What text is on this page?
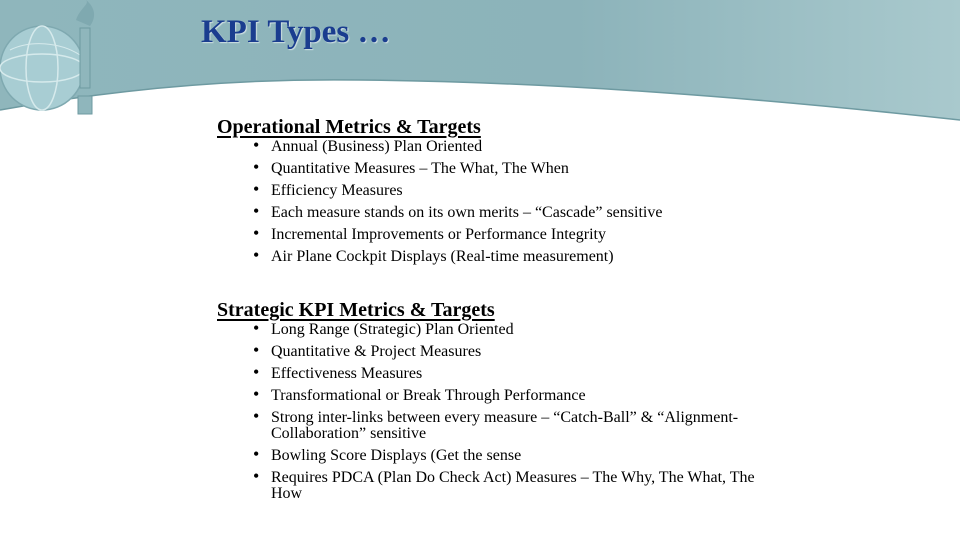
KPI Types …
Operational Metrics & Targets
• Annual (Business) Plan Oriented
• Quantitative Measures – The What, The When
• Efficiency Measures
• Each measure stands on its own merits – “Cascade” sensitive
• Incremental Improvements or Performance Integrity
• Air Plane Cockpit Displays (Real-time measurement)
Strategic KPI Metrics & Targets
• Long Range (Strategic) Plan Oriented
• Quantitative & Project Measures
• Effectiveness Measures
• Transformational or Break Through Performance
• Strong inter-links between every measure – “Catch-Ball” & “Alignment-Collaboration” sensitive
• Bowling Score Displays (Get the sense
• Requires PDCA (Plan Do Check Act) Measures – The Why, The What, The How
